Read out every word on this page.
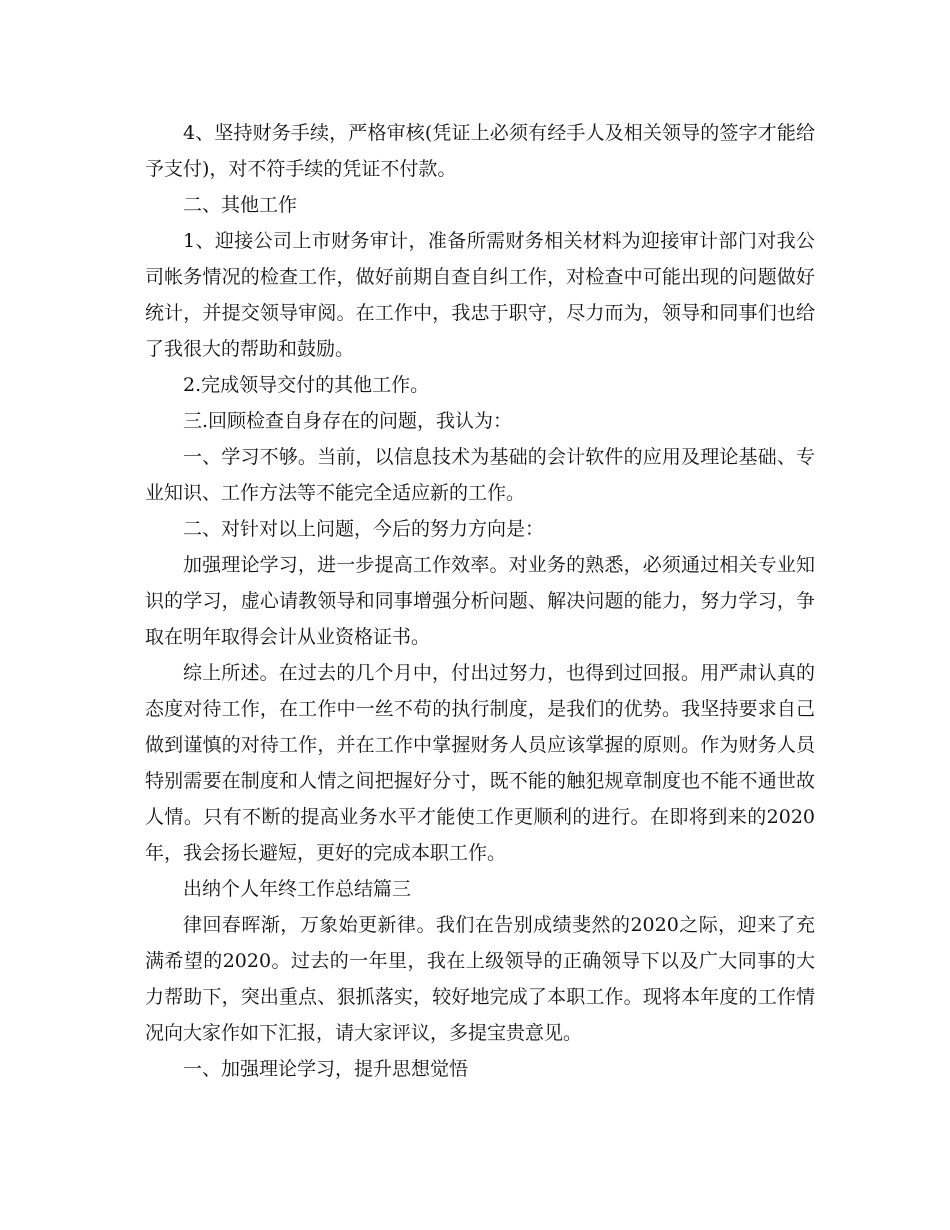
4、坚持财务手续，严格审核(凭证上必须有经手人及相关领导的签字才能给予支付)，对不符手续的凭证不付款。

二、其他工作

1、迎接公司上市财务审计，准备所需财务相关材料为迎接审计部门对我公司帐务情况的检查工作，做好前期自查自纠工作，对检查中可能出现的问题做好统计，并提交领导审阅。在工作中，我忠于职守，尽力而为，领导和同事们也给了我很大的帮助和鼓励。

2.完成领导交付的其他工作。

三.回顾检查自身存在的问题，我认为：

一、学习不够。当前，以信息技术为基础的会计软件的应用及理论基础、专业知识、工作方法等不能完全适应新的工作。

二、对针对以上问题，今后的努力方向是：

加强理论学习，进一步提高工作效率。对业务的熟悉，必须通过相关专业知识的学习，虚心请教领导和同事增强分析问题、解决问题的能力，努力学习，争取在明年取得会计从业资格证书。

综上所述。在过去的几个月中，付出过努力，也得到过回报。用严肃认真的态度对待工作，在工作中一丝不苟的执行制度，是我们的优势。我坚持要求自己做到谨慎的对待工作，并在工作中掌握财务人员应该掌握的原则。作为财务人员特别需要在制度和人情之间把握好分寸，既不能的触犯规章制度也不能不通世故人情。只有不断的提高业务水平才能使工作更顺利的进行。在即将到来的2020年，我会扬长避短，更好的完成本职工作。

出纳个人年终工作总结篇三

律回春晖渐，万象始更新律。我们在告别成绩斐然的2020之际，迎来了充满希望的2020。过去的一年里，我在上级领导的正确领导下以及广大同事的大力帮助下，突出重点、狠抓落实，较好地完成了本职工作。现将本年度的工作情况向大家作如下汇报，请大家评议，多提宝贵意见。

一、加强理论学习，提升思想觉悟
